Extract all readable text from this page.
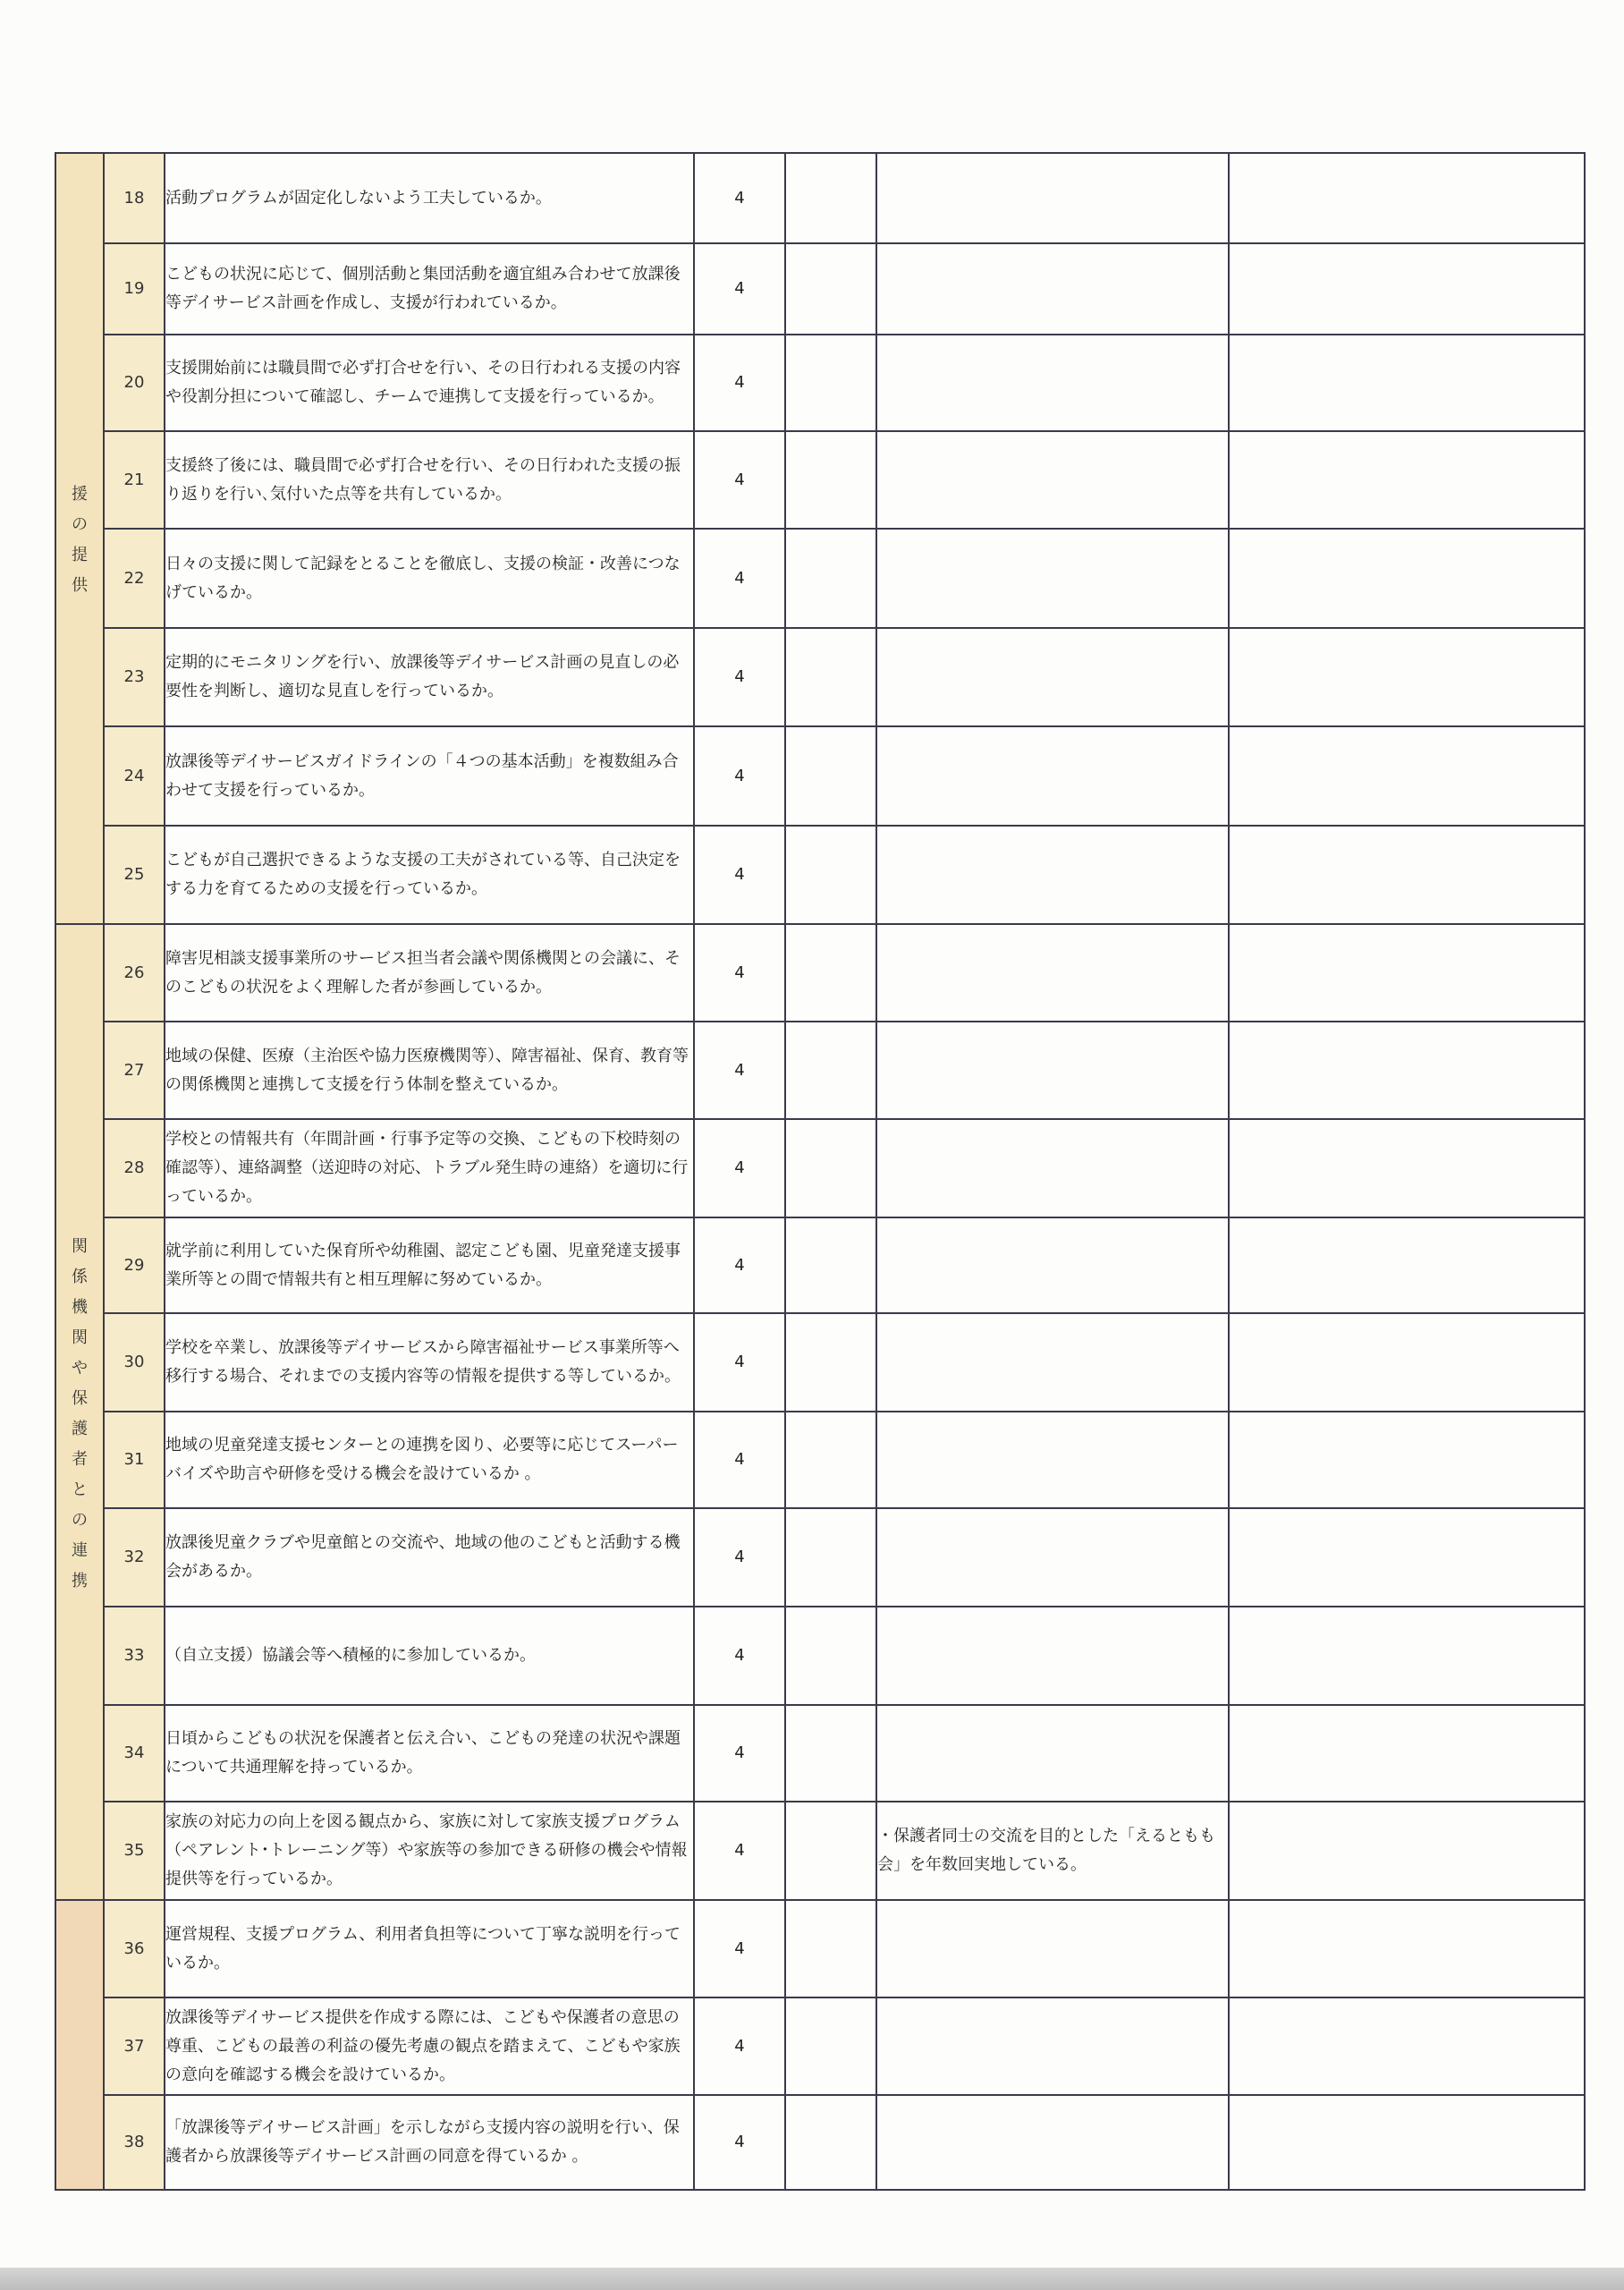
援の提供	18	活動プログラムが固定化しないよう工夫しているか。	4			
	19	こどもの状況に応じて、個別活動と集団活動を適宜組み合わせて放課後等デイサービス計画を作成し、支援が行われているか。	4			
	20	支援開始前には職員間で必ず打合せを行い、その日行われる支援の内容や役割分担について確認し、チームで連携して支援を行っているか。	4			
	21	支援終了後には、職員間で必ず打合せを行い、その日行われた支援の振り返りを行い､気付いた点等を共有しているか。	4			
	22	日々の支援に関して記録をとることを徹底し、支援の検証・改善につなげているか。	4			
	23	定期的にモニタリングを行い、放課後等デイサービス計画の見直しの必要性を判断し、適切な見直しを行っているか。	4			
	24	放課後等デイサービスガイドラインの「４つの基本活動」を複数組み合わせて支援を行っているか。	4			
	25	こどもが自己選択できるような支援の工夫がされている等、自己決定をする力を育てるための支援を行っているか。	4			
関係機関や保護者との連携	26	障害児相談支援事業所のサービス担当者会議や関係機関との会議に、そのこどもの状況をよく理解した者が参画しているか。	4			
	27	地域の保健、医療（主治医や協力医療機関等）、障害福祉、保育、教育等の関係機関と連携して支援を行う体制を整えているか。	4			
	28	学校との情報共有（年間計画・行事予定等の交換、こどもの下校時刻の確認等）、連絡調整（送迎時の対応、トラブル発生時の連絡）を適切に行っているか。	4			
	29	就学前に利用していた保育所や幼稚園、認定こども園、児童発達支援事業所等との間で情報共有と相互理解に努めているか。	4			
	30	学校を卒業し、放課後等デイサービスから障害福祉サービス事業所等へ移行する場合、それまでの支援内容等の情報を提供する等しているか。	4			
	31	地域の児童発達支援センターとの連携を図り、必要等に応じてスーパーバイズや助言や研修を受ける機会を設けているか 。	4			
	32	放課後児童クラブや児童館との交流や、地域の他のこどもと活動する機会があるか。	4			
	33	（自立支援）協議会等へ積極的に参加しているか。	4			
	34	日頃からこどもの状況を保護者と伝え合い、こどもの発達の状況や課題について共通理解を持っているか。	4			
	35	家族の対応力の向上を図る観点から、家族に対して家族支援プログラム（ペアレント･トレーニング等）や家族等の参加できる研修の機会や情報提供等を行っているか。	4		・保護者同士の交流を目的とした「えるともも会」を年数回実地している。	
	36	運営規程、支援プログラム、利用者負担等について丁寧な説明を行っているか。	4			
	37	放課後等デイサービス提供を作成する際には、こどもや保護者の意思の尊重、こどもの最善の利益の優先考慮の観点を踏まえて、こどもや家族の意向を確認する機会を設けているか。	4			
	38	「放課後等デイサービス計画」を示しながら支援内容の説明を行い、保護者から放課後等デイサービス計画の同意を得ているか 。	4			
